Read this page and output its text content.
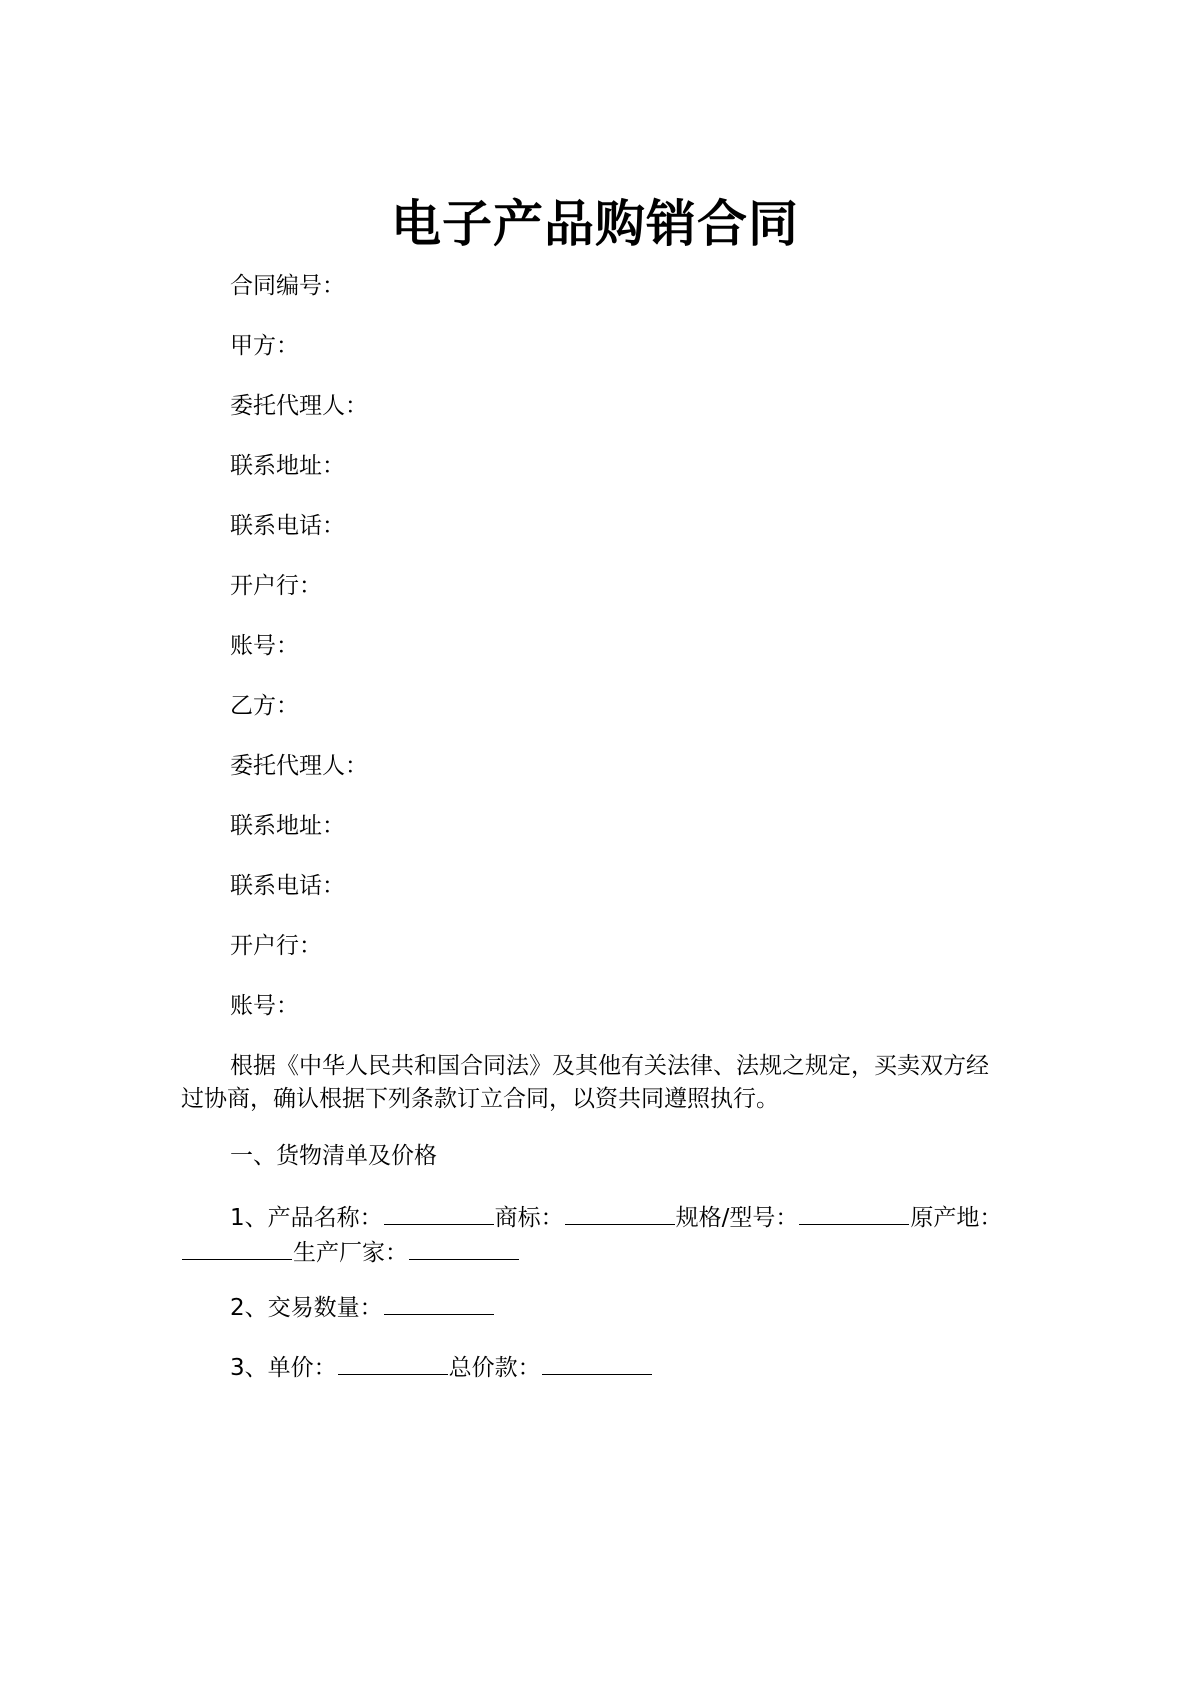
电子产品购销合同
合同编号：
甲方：
委托代理人：
联系地址：
联系电话：
开户行：
账号：
乙方：
委托代理人：
联系地址：
联系电话：
开户行：
账号：
根据《中华人民共和国合同法》及其他有关法律、法规之规定，买卖双方经过协商，确认根据下列条款订立合同，以资共同遵照执行。
一、货物清单及价格
1、产品名称：	商标：	规格/型号：	原产地：生产厂家：
2、交易数量：
3、单价：	总价款：
